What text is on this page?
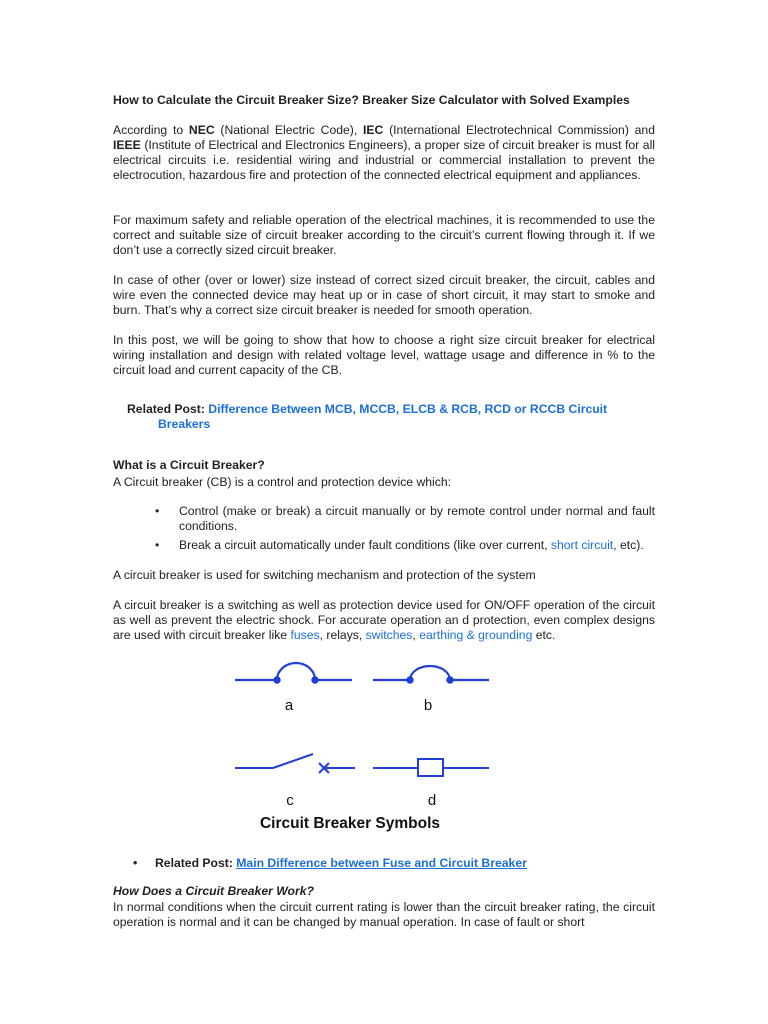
How to Calculate the Circuit Breaker Size? Breaker Size Calculator with Solved Examples
According to NEC (National Electric Code), IEC (International Electrotechnical Commission) and IEEE (Institute of Electrical and Electronics Engineers), a proper size of circuit breaker is must for all electrical circuits i.e. residential wiring and industrial or commercial installation to prevent the electrocution, hazardous fire and protection of the connected electrical equipment and appliances.
For maximum safety and reliable operation of the electrical machines, it is recommended to use the correct and suitable size of circuit breaker according to the circuit’s current flowing through it. If we don’t use a correctly sized circuit breaker.
In case of other (over or lower) size instead of correct sized circuit breaker, the circuit, cables and wire even the connected device may heat up or in case of short circuit, it may start to smoke and burn. That’s why a correct size circuit breaker is needed for smooth operation.
In this post, we will be going to show that how to choose a right size circuit breaker for electrical wiring installation and design with related voltage level, wattage usage and difference in % to the circuit load and current capacity of the CB.
Related Post: Difference Between MCB, MCCB, ELCB & RCB, RCD or RCCB Circuit
Breakers
What is a Circuit Breaker?
A Circuit breaker (CB) is a control and protection device which:
• Control (make or break) a circuit manually or by remote control under normal and fault conditions.
• Break a circuit automatically under fault conditions (like over current, short circuit, etc).
A circuit breaker is used for switching mechanism and protection of the system
A circuit breaker is a switching as well as protection device used for ON/OFF operation of the circuit as well as prevent the electric shock. For accurate operation an d protection, even complex designs are used with circuit breaker like fuses, relays, switches, earthing & grounding etc.
• Related Post: Main Difference between Fuse and Circuit Breaker
How Does a Circuit Breaker Work?
In normal conditions when the circuit current rating is lower than the circuit breaker rating, the circuit operation is normal and it can be changed by manual operation. In case of fault or short
a	b
c	d
Circuit Breaker Symbols
